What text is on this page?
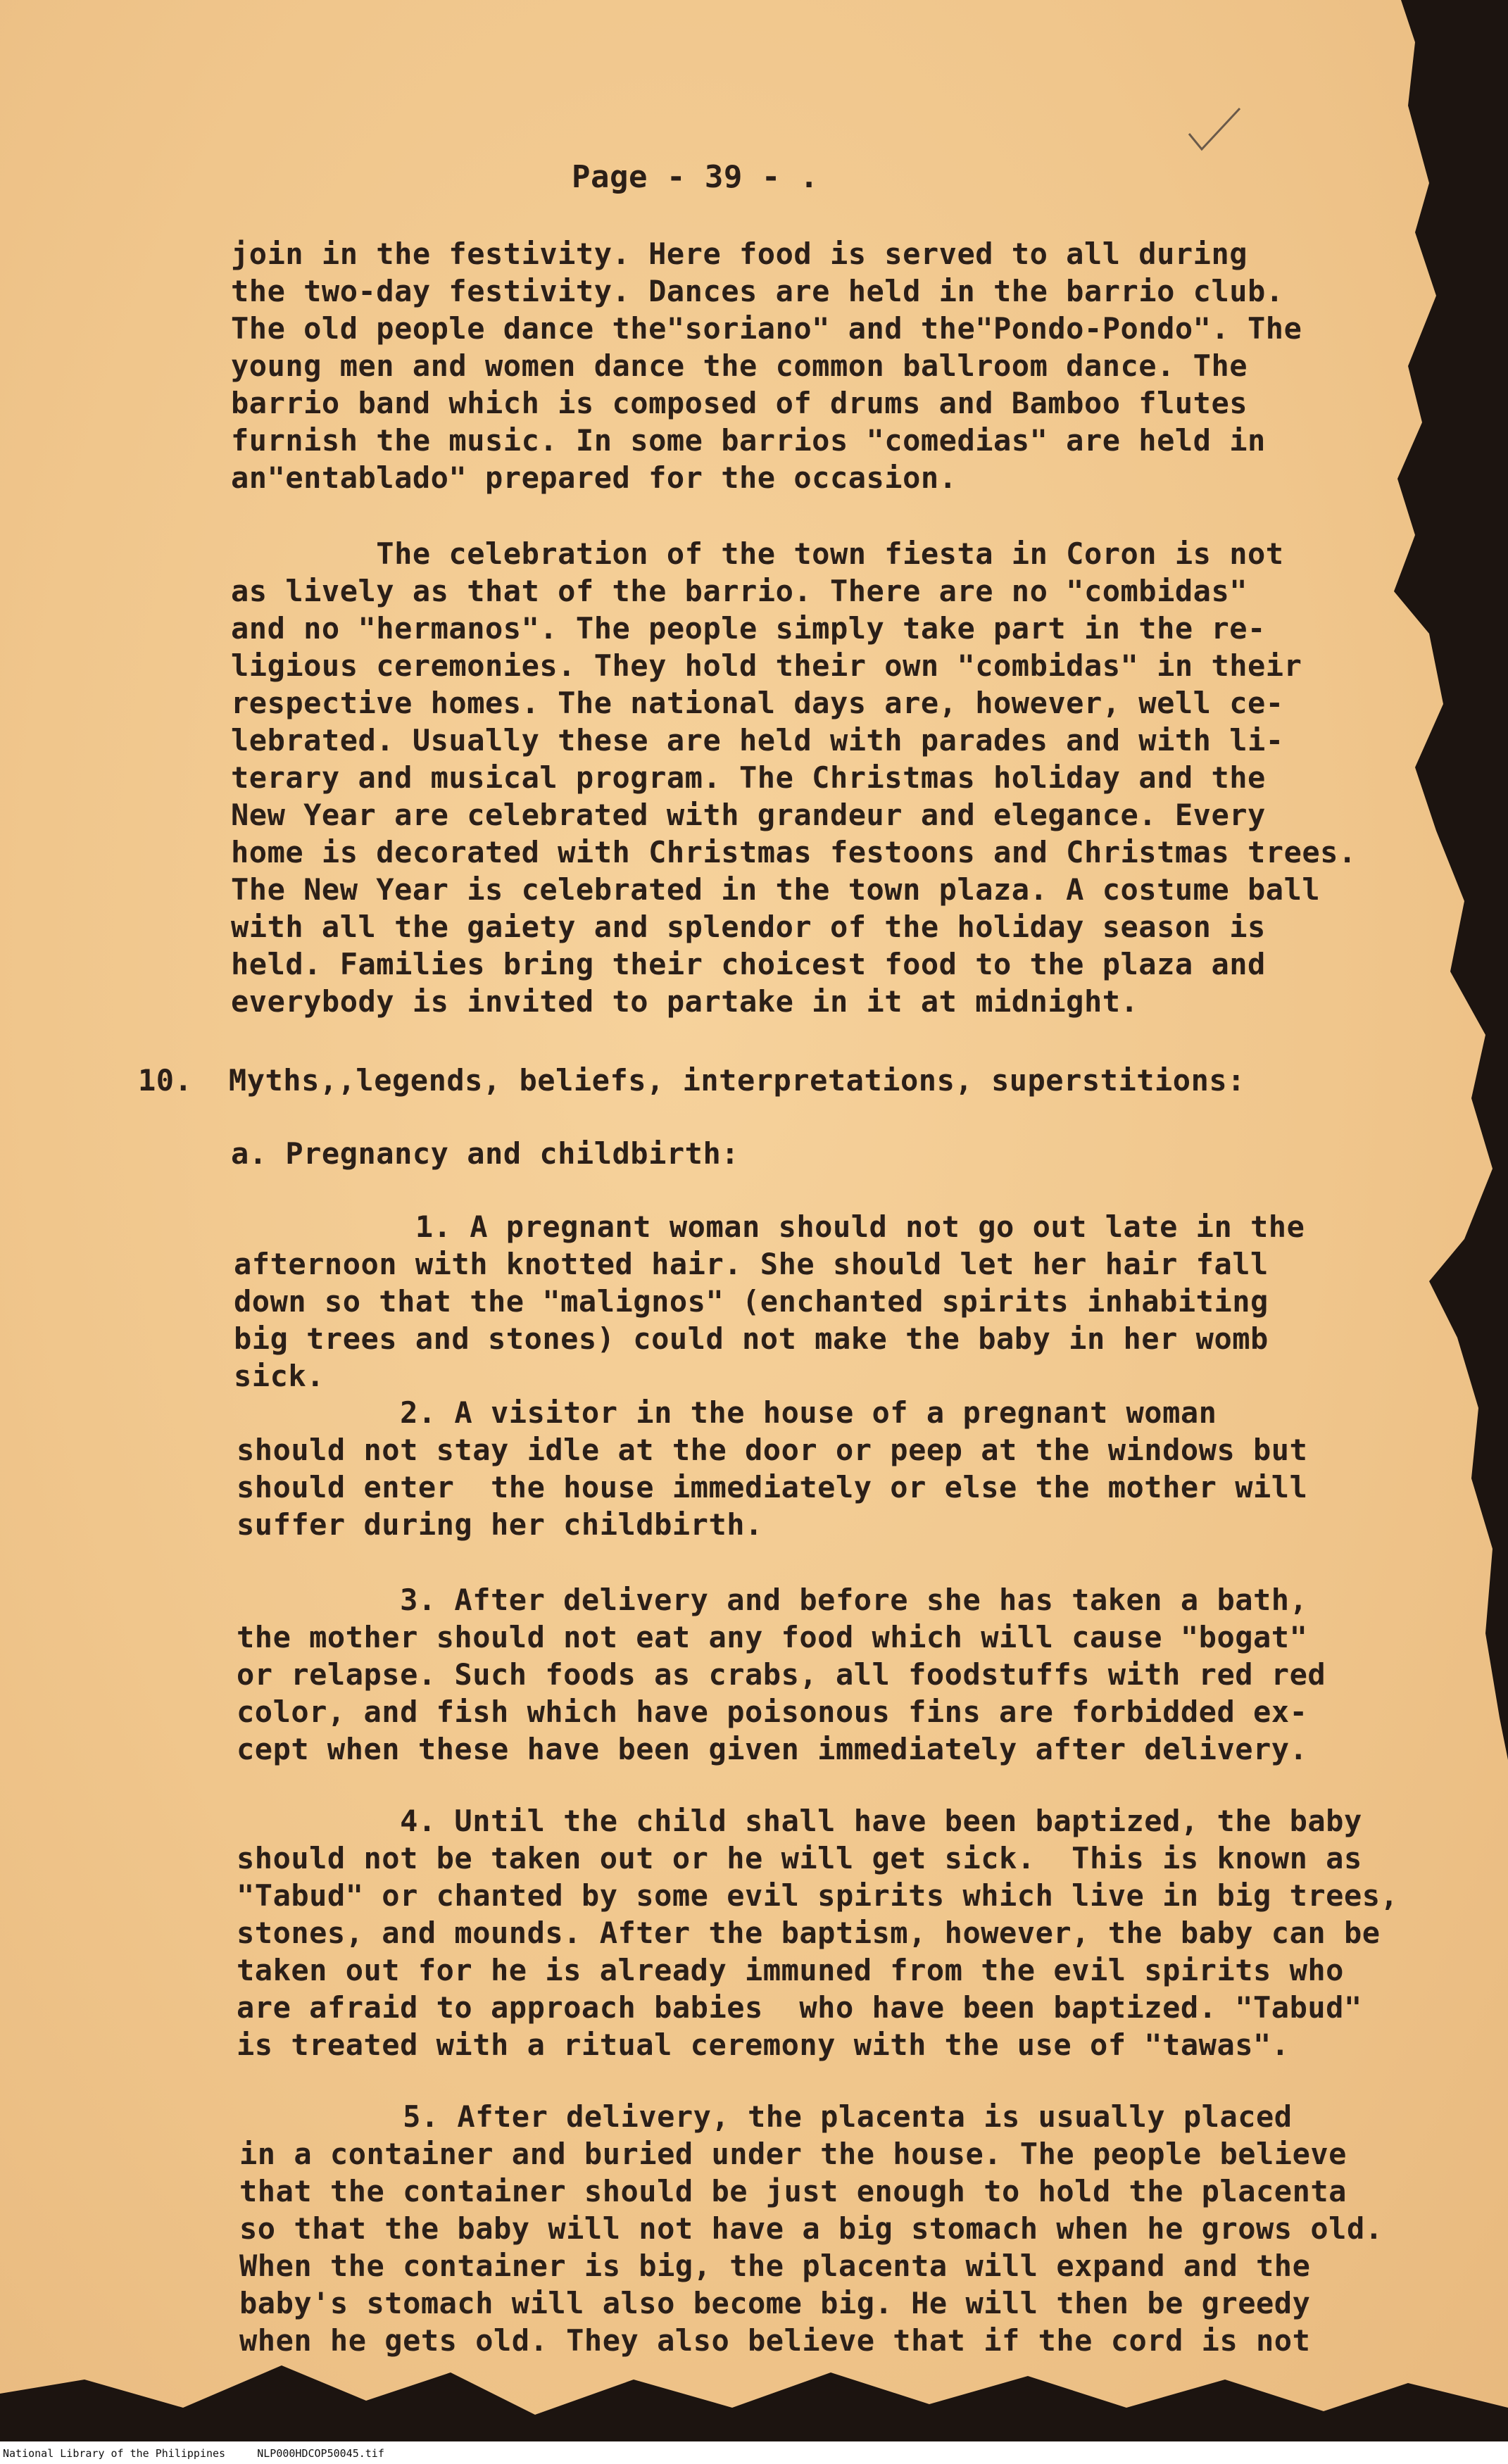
Page - 39 - .

join in the festivity. Here food is served to all during
the two-day festivity. Dances are held in the barrio club.
The old people dance the"soriano" and the"Pondo-Pondo". The
young men and women dance the common ballroom dance. The
barrio band which is composed of drums and Bamboo flutes
furnish the music. In some barrios "comedias" are held in
an"entablado" prepared for the occasion.

The celebration of the town fiesta in Coron is not
as lively as that of the barrio. There are no "combidas"
and no "hermanos". The people simply take part in the re-
ligious ceremonies. They hold their own "combidas" in their
respective homes. The national days are, however, well ce-
lebrated. Usually these are held with parades and with li-
terary and musical program. The Christmas holiday and the
New Year are celebrated with grandeur and elegance. Every
home is decorated with Christmas festoons and Christmas trees.
The New Year is celebrated in the town plaza. A costume ball
with all the gaiety and splendor of the holiday season is
held. Families bring their choicest food to the plaza and
everybody is invited to partake in it at midnight.

10.  Myths,,legends, beliefs, interpretations, superstitions:
a. Pregnancy and childbirth:

1. A pregnant woman should not go out late in the
afternoon with knotted hair. She should let her hair fall
down so that the "malignos" (enchanted spirits inhabiting
big trees and stones) could not make the baby in her womb
sick.

2. A visitor in the house of a pregnant woman
should not stay idle at the door or peep at the windows but
should enter  the house immediately or else the mother will
suffer during her childbirth.

3. After delivery and before she has taken a bath,
the mother should not eat any food which will cause "bogat"
or relapse. Such foods as crabs, all foodstuffs with red red
color, and fish which have poisonous fins are forbidded ex-
cept when these have been given immediately after delivery.

4. Until the child shall have been baptized, the baby
should not be taken out or he will get sick.  This is known as
"Tabud" or chanted by some evil spirits which live in big trees,
stones, and mounds. After the baptism, however, the baby can be
taken out for he is already immuned from the evil spirits who
are afraid to approach babies  who have been baptized. "Tabud"
is treated with a ritual ceremony with the use of "tawas".

5. After delivery, the placenta is usually placed
in a container and buried under the house. The people believe
that the container should be just enough to hold the placenta
so that the baby will not have a big stomach when he grows old.
When the container is big, the placenta will expand and the
baby's stomach will also become big. He will then be greedy
when he gets old. They also believe that if the cord is not

National Library of the Philippines     NLP000HDCOP50045.tif
